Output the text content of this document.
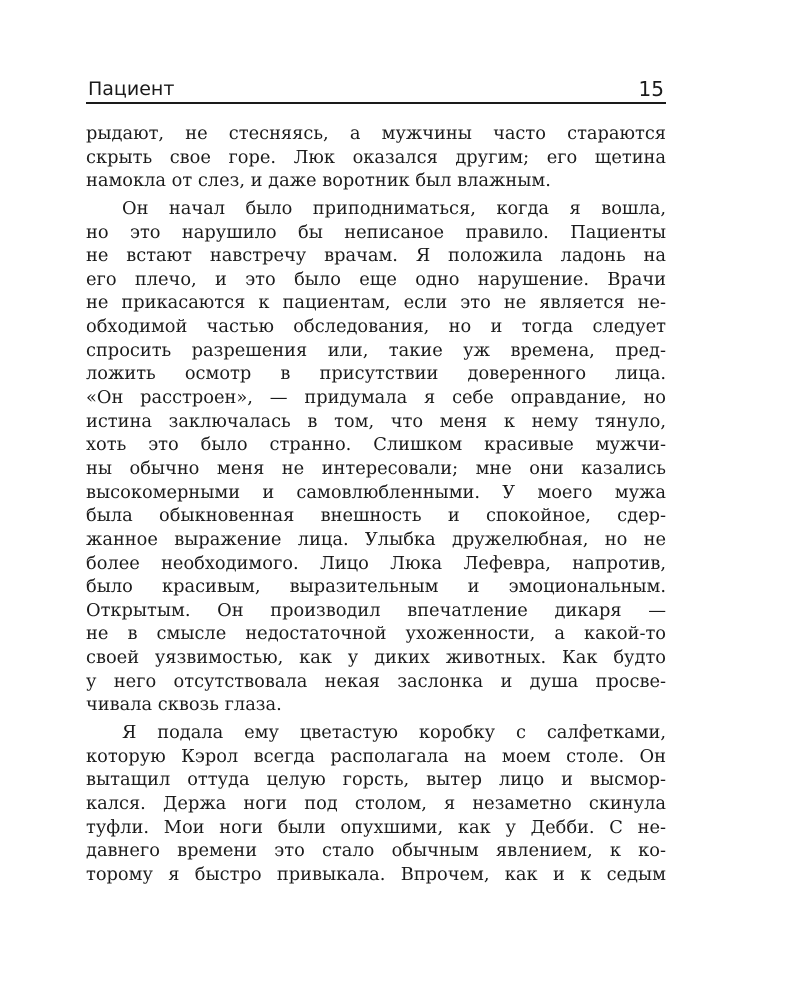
Пациент	15
рыдают, не стесняясь, а мужчины часто стараются
скрыть свое горе. Люк оказался другим; его щетина
намокла от слез, и даже воротник был влажным.
Он начал было приподниматься, когда я вошла,
но это нарушило бы неписаное правило. Пациенты
не встают навстречу врачам. Я положила ладонь на
его плечо, и это было еще одно нарушение. Врачи
не прикасаются к пациентам, если это не является не-
обходимой частью обследования, но и тогда следует
спросить разрешения или, такие уж времена, пред-
ложить осмотр в присутствии доверенного лица.
«Он расстроен», — придумала я себе оправдание, но
истина заключалась в том, что меня к нему тянуло,
хоть это было странно. Слишком красивые мужчи-
ны обычно меня не интересовали; мне они казались
высокомерными и самовлюбленными. У моего мужа
была обыкновенная внешность и спокойное, сдер-
жанное выражение лица. Улыбка дружелюбная, но не
более необходимого. Лицо Люка Лефевра, напротив,
было красивым, выразительным и эмоциональным.
Открытым. Он производил впечатление дикаря —
не в смысле недостаточной ухоженности, а какой-то
своей уязвимостью, как у диких животных. Как будто
у него отсутствовала некая заслонка и душа просве-
чивала сквозь глаза.
Я подала ему цветастую коробку с салфетками,
которую Кэрол всегда располагала на моем столе. Он
вытащил оттуда целую горсть, вытер лицо и высмор-
кался. Держа ноги под столом, я незаметно скинула
туфли. Мои ноги были опухшими, как у Дебби. С не-
давнего времени это стало обычным явлением, к ко-
торому я быстро привыкала. Впрочем, как и к седым
